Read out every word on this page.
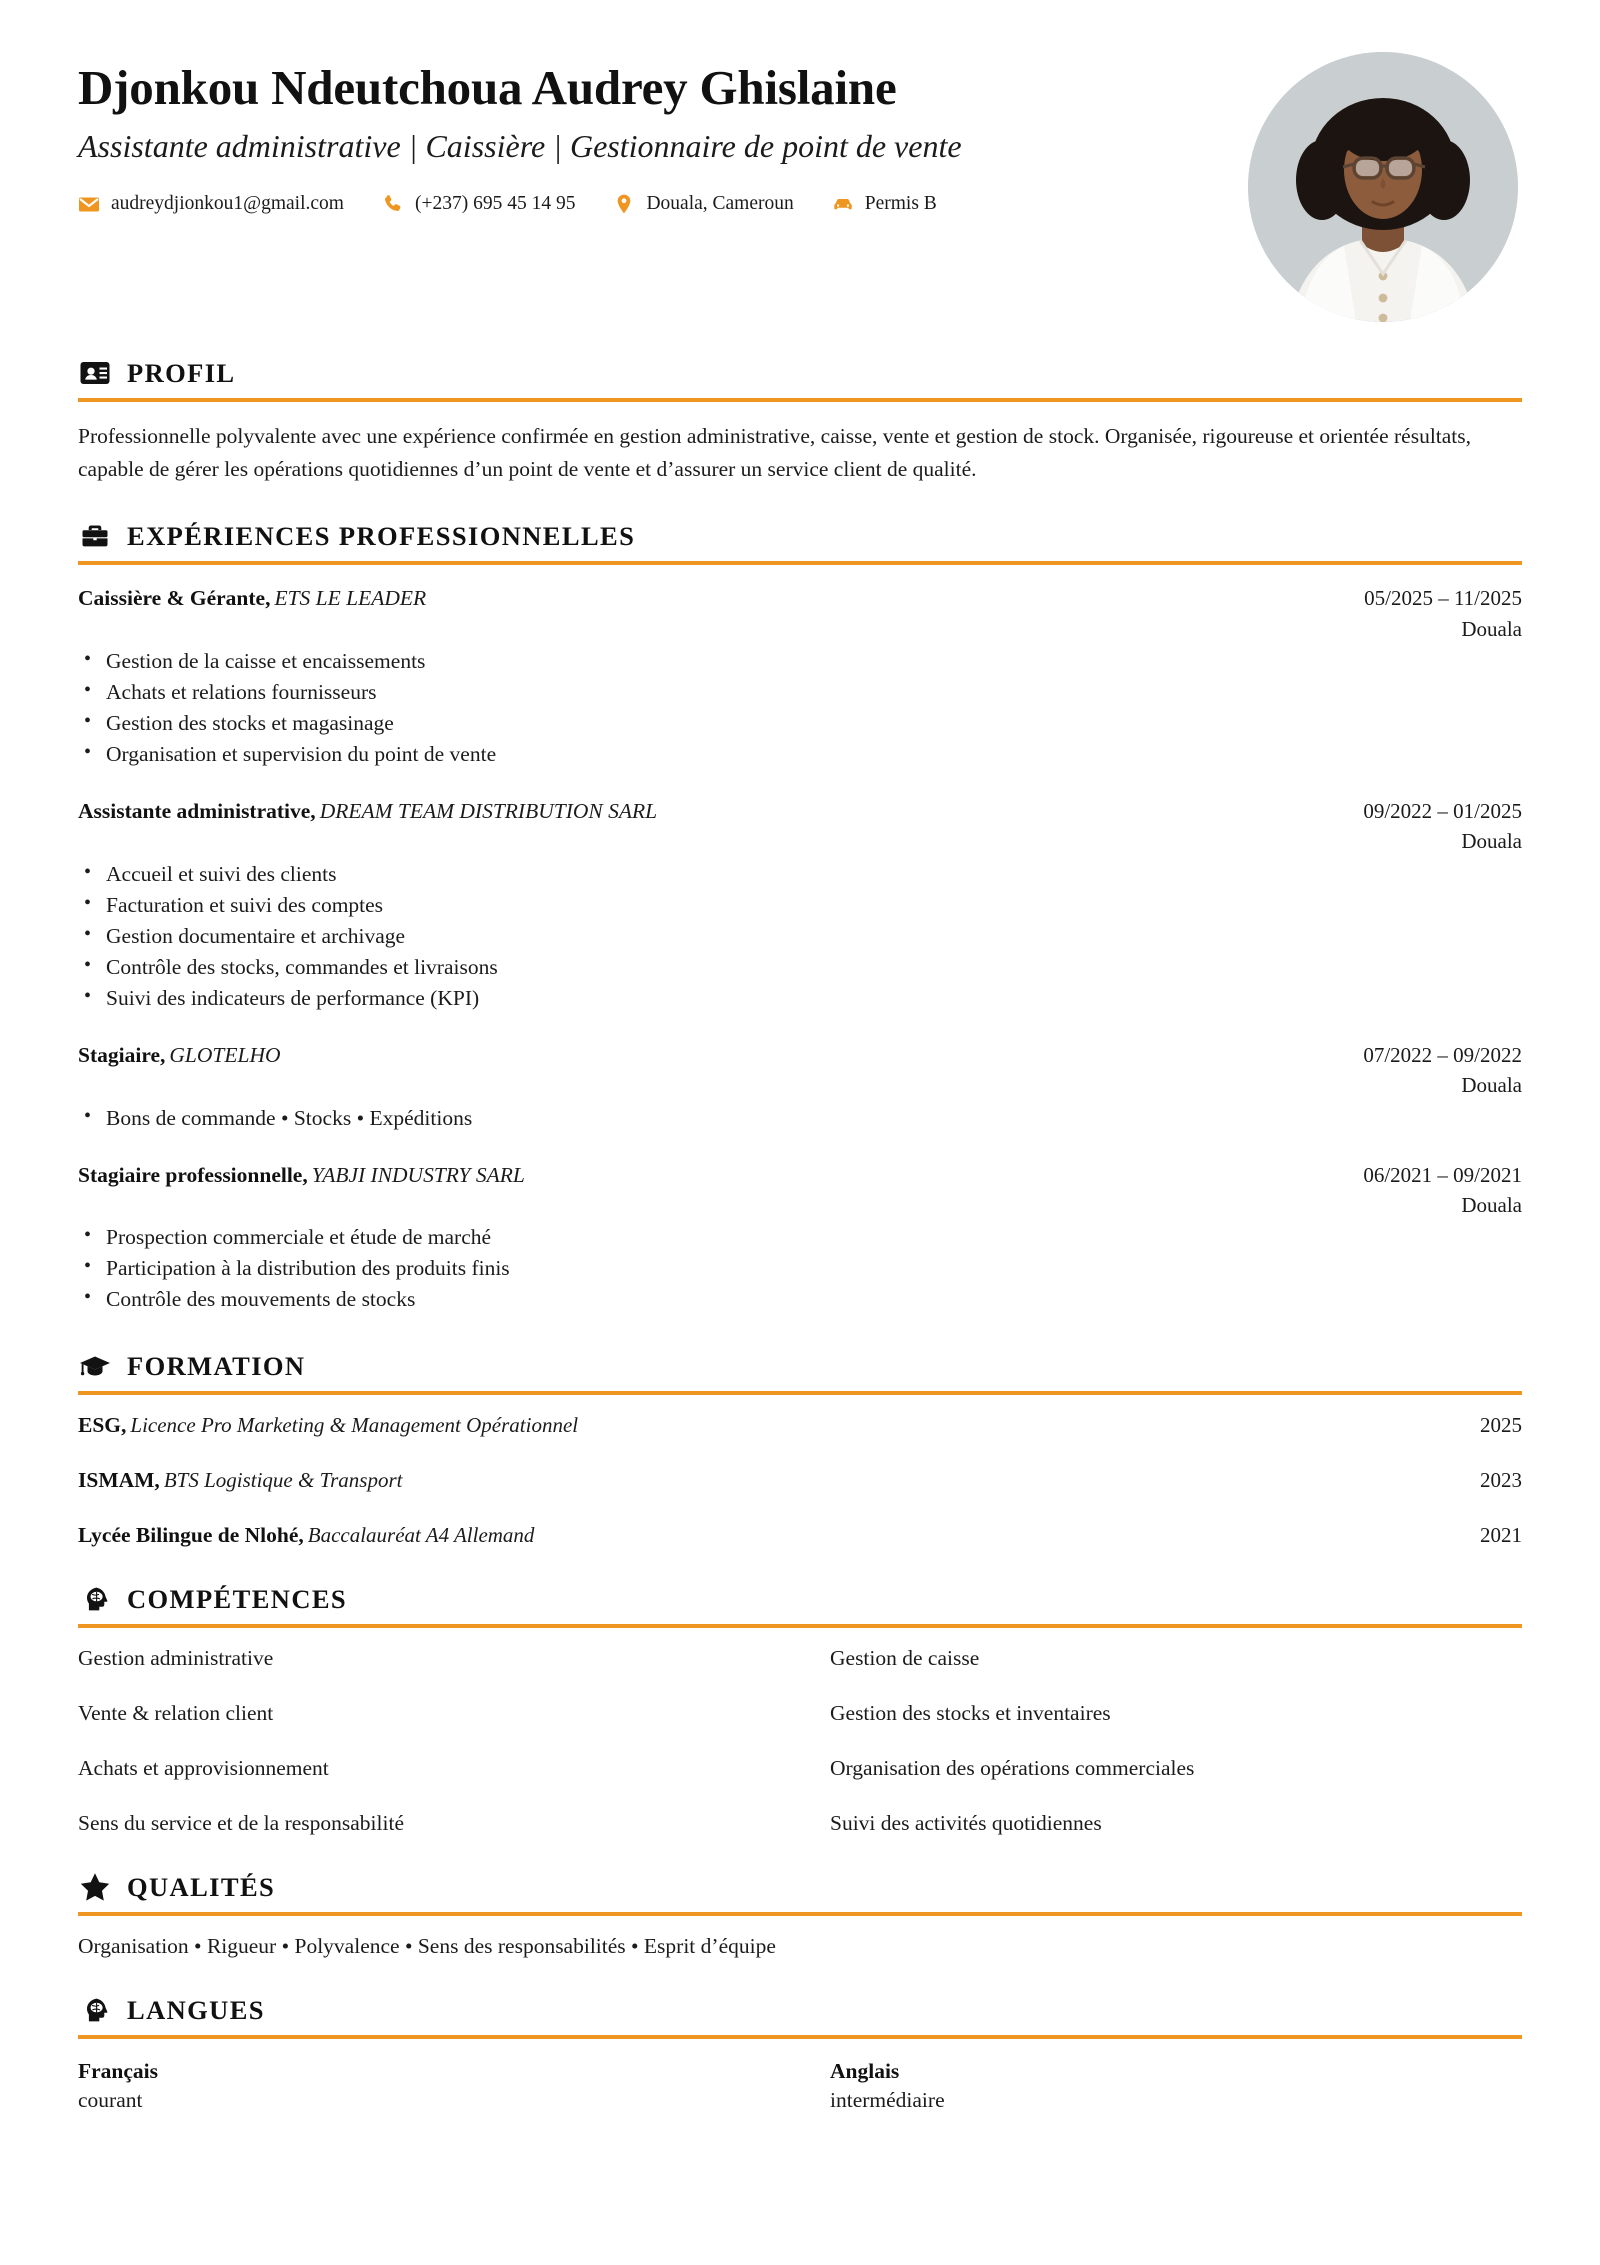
Djonkou Ndeutchoua Audrey Ghislaine
Assistante administrative | Caissière | Gestionnaire de point de vente
audreydjionkou1@gmail.com	(+237) 695 45 14 95	Douala, Cameroun	Permis B
PROFIL
Professionnelle polyvalente avec une expérience confirmée en gestion administrative, caisse, vente et gestion de stock. Organisée, rigoureuse et orientée résultats, capable de gérer les opérations quotidiennes d’un point de vente et d’assurer un service client de qualité.
EXPÉRIENCES PROFESSIONNELLES
Caissière & Gérante, ETS LE LEADER	05/2025 – 11/2025
Douala
• Gestion de la caisse et encaissements
• Achats et relations fournisseurs
• Gestion des stocks et magasinage
• Organisation et supervision du point de vente
Assistante administrative, DREAM TEAM DISTRIBUTION SARL	09/2022 – 01/2025
Douala
• Accueil et suivi des clients
• Facturation et suivi des comptes
• Gestion documentaire et archivage
• Contrôle des stocks, commandes et livraisons
• Suivi des indicateurs de performance (KPI)
Stagiaire, GLOTELHO	07/2022 – 09/2022
Douala
• Bons de commande • Stocks • Expéditions
Stagiaire professionnelle, YABJI INDUSTRY SARL	06/2021 – 09/2021
Douala
• Prospection commerciale et étude de marché
• Participation à la distribution des produits finis
• Contrôle des mouvements de stocks
FORMATION
ESG, Licence Pro Marketing & Management Opérationnel	2025
ISMAM, BTS Logistique & Transport	2023
Lycée Bilingue de Nlohé, Baccalauréat A4 Allemand	2021
COMPÉTENCES
Gestion administrative	Gestion de caisse
Vente & relation client	Gestion des stocks et inventaires
Achats et approvisionnement	Organisation des opérations commerciales
Sens du service et de la responsabilité	Suivi des activités quotidiennes
QUALITÉS
Organisation • Rigueur • Polyvalence • Sens des responsabilités • Esprit d’équipe
LANGUES
Français
courant
Anglais
intermédiaire
